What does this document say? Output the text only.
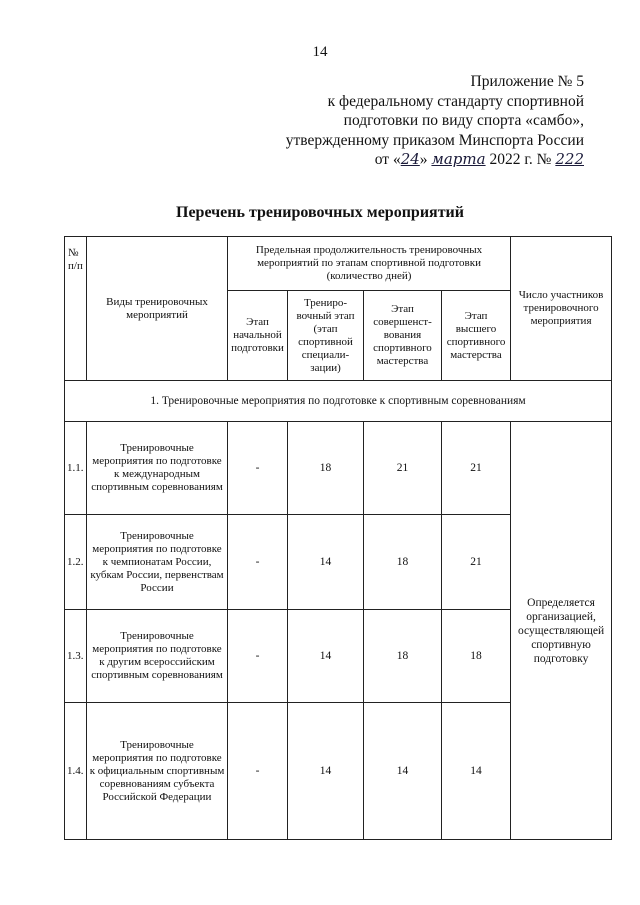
14
Приложение № 5
к федеральному стандарту спортивной
подготовки по виду спорта «самбо»,
утвержденному приказом Минспорта России
от «24» марта 2022 г. № 222
Перечень тренировочных мероприятий
№ п/п	Виды тренировочных мероприятий	Предельная продолжительность тренировочных мероприятий по этапам спортивной подготовки (количество дней)				Число участников тренировочного мероприятия
		Этап начальной подготовки	Трениро-вочный этап (этап спортивной специали-зации)	Этап совершенст-вования спортивного мастерства	Этап высшего спортивного мастерства	
1. Тренировочные мероприятия по подготовке к спортивным соревнованиям						
1.1.	Тренировочные мероприятия по подготовке к международным спортивным соревнованиям	-	18	21	21	Определяется организацией, осуществляющей спортивную подготовку
1.2.	Тренировочные мероприятия по подготовке к чемпионатам России, кубкам России, первенствам России	-	14	18	21	
1.3.	Тренировочные мероприятия по подготовке к другим всероссийским спортивным соревнованиям	-	14	18	18	
1.4.	Тренировочные мероприятия по подготовке к официальным спортивным соревнованиям субъекта Российской Федерации	-	14	14	14	
